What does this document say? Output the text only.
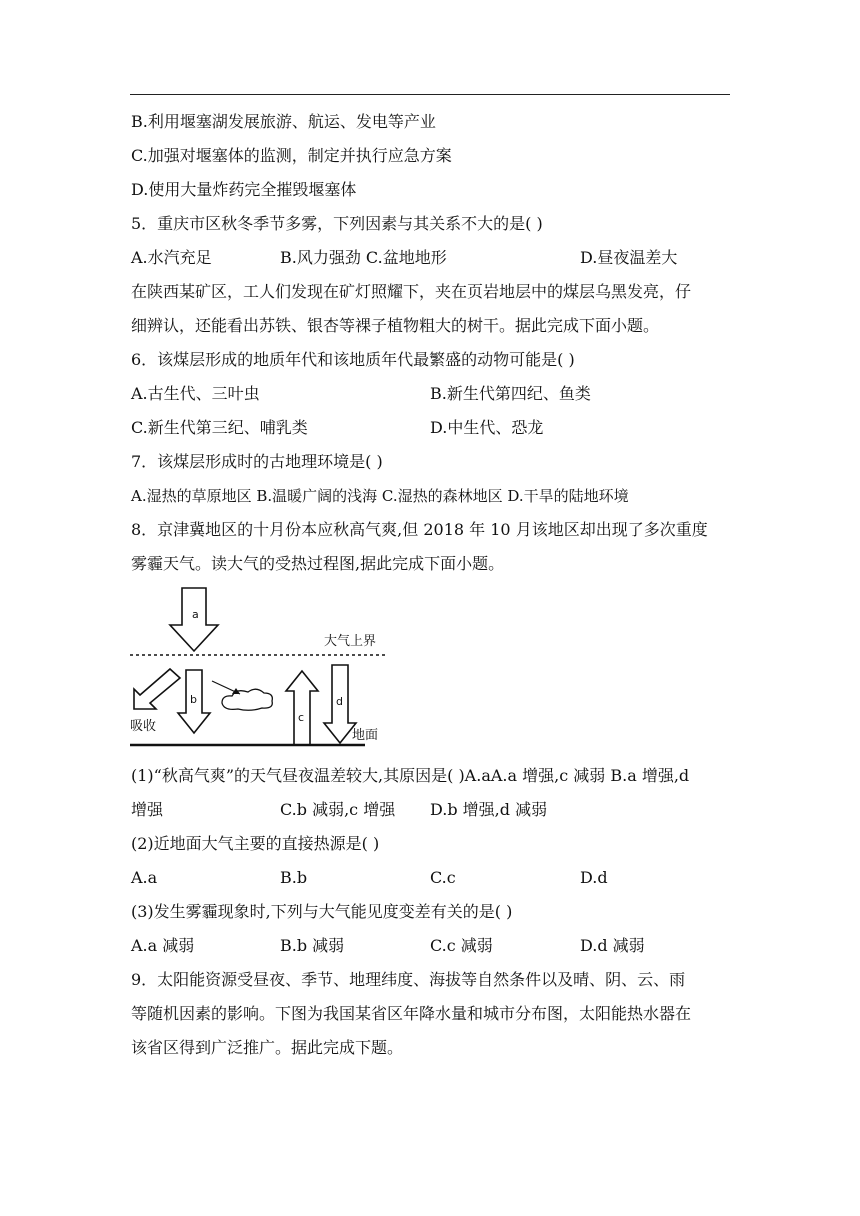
B.利用堰塞湖发展旅游、航运、发电等产业
C.加强对堰塞体的监测，制定并执行应急方案
D.使用大量炸药完全摧毁堰塞体
5．重庆市区秋冬季节多雾，下列因素与其关系不大的是( )
A.水汽充足	B.风力强劲 C.盆地地形	D.昼夜温差大
在陕西某矿区，工人们发现在矿灯照耀下，夹在页岩地层中的煤层乌黑发亮，仔
细辨认，还能看出苏铁、银杏等裸子植物粗大的树干。据此完成下面小题。
6．该煤层形成的地质年代和该地质年代最繁盛的动物可能是( )
A.古生代、三叶虫	B.新生代第四纪、鱼类
C.新生代第三纪、哺乳类	D.中生代、恐龙
7．该煤层形成时的古地理环境是( )
A.湿热的草原地区 B.温暖广阔的浅海 C.湿热的森林地区 D.干旱的陆地环境
8．京津冀地区的十月份本应秋高气爽,但 2018 年 10 月该地区却出现了多次重度
雾霾天气。读大气的受热过程图,据此完成下面小题。
a
大气上界
吸收
b
c
d
地面
(1)“秋高气爽”的天气昼夜温差较大,其原因是( )A.aA.a 增强,c 减弱 B.a 增强,d
增强	C.b 减弱,c 增强 D.b 增强,d 减弱
(2)近地面大气主要的直接热源是( )
A.a	B.b	C.c	D.d
(3)发生雾霾现象时,下列与大气能见度变差有关的是( )
A.a 减弱	B.b 减弱	C.c 减弱	D.d 减弱
9．太阳能资源受昼夜、季节、地理纬度、海拔等自然条件以及晴、阴、云、雨
等随机因素的影响。下图为我国某省区年降水量和城市分布图，太阳能热水器在
该省区得到广泛推广。据此完成下题。
